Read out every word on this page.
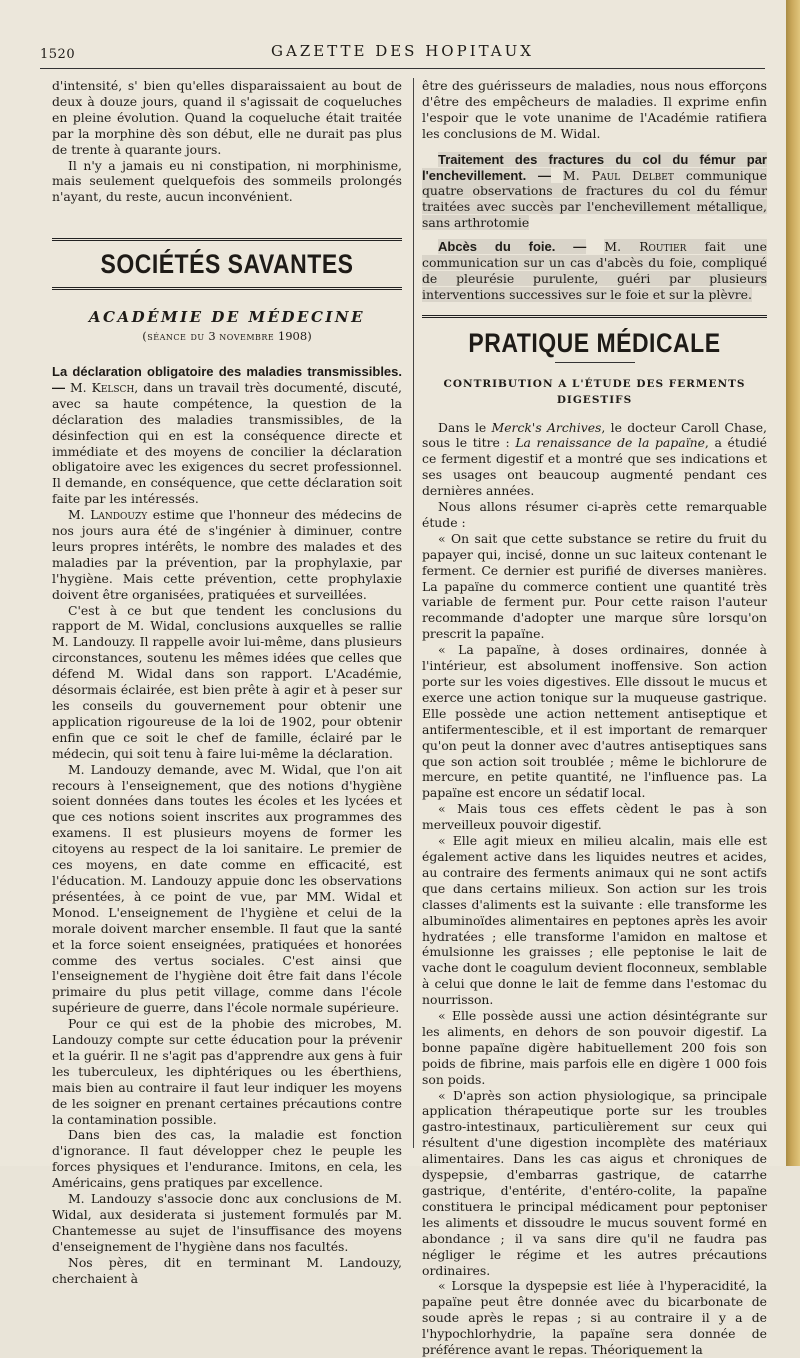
1520	GAZETTE DES HOPITAUX

d'intensité, s' bien qu'elles disparaissaient au bout de deux à douze jours, quand il s'agissait de coqueluches en pleine évolution. Quand la coqueluche était traitée par la morphine dès son début, elle ne durait pas plus de trente à quarante jours.

Il n'y a jamais eu ni constipation, ni morphinisme, mais seulement quelquefois des sommeils prolongés n'ayant, du reste, aucun inconvénient.

SOCIÉTÉS SAVANTES
ACADÉMIE DE MÉDECINE
(séance du 3 novembre 1908)

La déclaration obligatoire des maladies transmissibles. — M. Kelsch, dans un travail très documenté, discuté, avec sa haute compétence, la question de la déclaration des maladies transmissibles, de la désinfection qui en est la conséquence directe et immédiate et des moyens de concilier la déclaration obligatoire avec les exigences du secret professionnel. Il demande, en conséquence, que cette déclaration soit faite par les intéressés.

M. Landouzy estime que l'honneur des médecins de nos jours aura été de s'ingénier à diminuer, contre leurs propres intérêts, le nombre des malades et des maladies par la prévention, par la prophylaxie, par l'hygiène. Mais cette prévention, cette prophylaxie doivent être organisées, pratiquées et surveillées.

C'est à ce but que tendent les conclusions du rapport de M. Widal, conclusions auxquelles se rallie M. Landouzy. Il rappelle avoir lui-même, dans plusieurs circonstances, soutenu les mêmes idées que celles que défend M. Widal dans son rapport. L'Académie, désormais éclairée, est bien prête à agir et à peser sur les conseils du gouvernement pour obtenir une application rigoureuse de la loi de 1902, pour obtenir enfin que ce soit le chef de famille, éclairé par le médecin, qui soit tenu à faire lui-même la déclaration.

M. Landouzy demande, avec M. Widal, que l'on ait recours à l'enseignement, que des notions d'hygiène soient données dans toutes les écoles et les lycées et que ces notions soient inscrites aux programmes des examens. Il est plusieurs moyens de former les citoyens au respect de la loi sanitaire. Le premier de ces moyens, en date comme en efficacité, est l'éducation. M. Landouzy appuie donc les observations présentées, à ce point de vue, par MM. Widal et Monod. L'enseignement de l'hygiène et celui de la morale doivent marcher ensemble. Il faut que la santé et la force soient enseignées, pratiquées et honorées comme des vertus sociales. C'est ainsi que l'enseignement de l'hygiène doit être fait dans l'école primaire du plus petit village, comme dans l'école supérieure de guerre, dans l'école normale supérieure.

Pour ce qui est de la phobie des microbes, M. Landouzy compte sur cette éducation pour la prévenir et la guérir. Il ne s'agit pas d'apprendre aux gens à fuir les tuberculeux, les diphtériques ou les éberthiens, mais bien au contraire il faut leur indiquer les moyens de les soigner en prenant certaines précautions contre la contamination possible.

Dans bien des cas, la maladie est fonction d'ignorance. Il faut développer chez le peuple les forces physiques et l'endurance. Imitons, en cela, les Américains, gens pratiques par excellence.

M. Landouzy s'associe donc aux conclusions de M. Widal, aux desiderata si justement formulés par M. Chantemesse au sujet de l'insuffisance des moyens d'enseignement de l'hygiène dans nos facultés.

Nos pères, dit en terminant M. Landouzy, cherchaient à

être des guérisseurs de maladies, nous nous efforçons d'être des empêcheurs de maladies. Il exprime enfin l'espoir que le vote unanime de l'Académie ratifiera les conclusions de M. Widal.

Traitement des fractures du col du fémur par l'enchevillement. — M. Paul Delbet communique quatre observations de fractures du col du fémur traitées avec succès par l'enchevillement métallique, sans arthrotomie

Abcès du foie. — M. Routier fait une communication sur un cas d'abcès du foie, compliqué de pleurésie purulente, guéri par plusieurs interventions successives sur le foie et sur la plèvre.

PRATIQUE MÉDICALE
CONTRIBUTION A L'ÉTUDE DES FERMENTS DIGESTIFS

Dans le Merck's Archives, le docteur Caroll Chase, sous le titre : La renaissance de la papaïne, a étudié ce ferment digestif et a montré que ses indications et ses usages ont beaucoup augmenté pendant ces dernières années.

Nous allons résumer ci-après cette remarquable étude :

« On sait que cette substance se retire du fruit du papayer qui, incisé, donne un suc laiteux contenant le ferment. Ce dernier est purifié de diverses manières. La papaïne du commerce contient une quantité très variable de ferment pur. Pour cette raison l'auteur recommande d'adopter une marque sûre lorsqu'on prescrit la papaïne.

« La papaïne, à doses ordinaires, donnée à l'intérieur, est absolument inoffensive. Son action porte sur les voies digestives. Elle dissout le mucus et exerce une action tonique sur la muqueuse gastrique. Elle possède une action nettement antiseptique et antifermentescible, et il est important de remarquer qu'on peut la donner avec d'autres antiseptiques sans que son action soit troublée ; même le bichlorure de mercure, en petite quantité, ne l'influence pas. La papaïne est encore un sédatif local.

« Mais tous ces effets cèdent le pas à son merveilleux pouvoir digestif.

« Elle agit mieux en milieu alcalin, mais elle est également active dans les liquides neutres et acides, au contraire des ferments animaux qui ne sont actifs que dans certains milieux. Son action sur les trois classes d'aliments est la suivante : elle transforme les albuminoïdes alimentaires en peptones après les avoir hydratées ; elle transforme l'amidon en maltose et émulsionne les graisses ; elle peptonise le lait de vache dont le coagulum devient floconneux, semblable à celui que donne le lait de femme dans l'estomac du nourrisson.

« Elle possède aussi une action désintégrante sur les aliments, en dehors de son pouvoir digestif. La bonne papaïne digère habituellement 200 fois son poids de fibrine, mais parfois elle en digère 1 000 fois son poids.

« D'après son action physiologique, sa principale application thérapeutique porte sur les troubles gastro-intestinaux, particulièrement sur ceux qui résultent d'une digestion incomplète des matériaux alimentaires. Dans les cas aigus et chroniques de dyspepsie, d'embarras gastrique, de catarrhe gastrique, d'entérite, d'entéro-colite, la papaïne constituera le principal médicament pour peptoniser les aliments et dissoudre le mucus souvent formé en abondance ; il va sans dire qu'il ne faudra pas négliger le régime et les autres précautions ordinaires.

« Lorsque la dyspepsie est liée à l'hyperacidité, la papaïne peut être donnée avec du bicarbonate de soude après le repas ; si au contraire il y a de l'hypochlorhydrie, la papaïne sera donnée de préférence avant le repas. Théoriquement la
